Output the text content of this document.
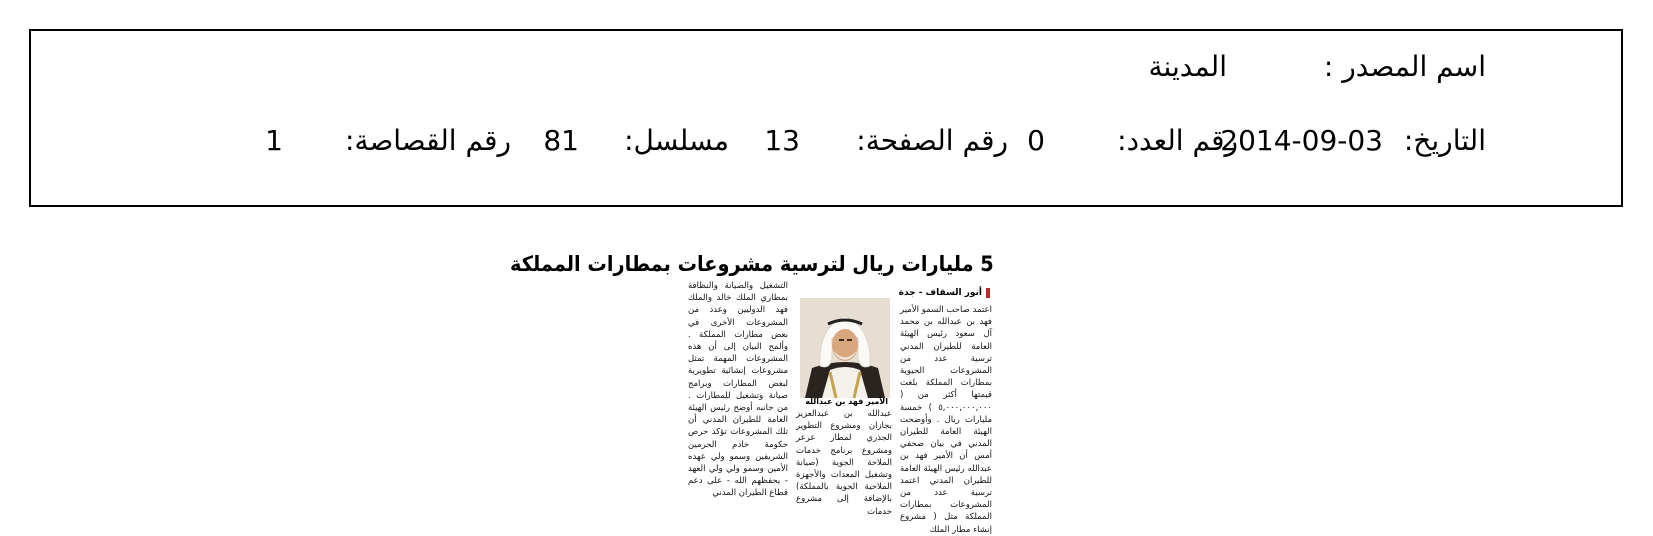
اسم المصدر :
المدينة
التاريخ:
2014-09-03
رقم العدد:
0
رقم الصفحة:
13
مسلسل:
81
رقم القصاصة:
1
5 مليارات ريال لترسية مشروعات بمطارات المملكة
أنور السقاف - جدة
الأمير فهد بن عبدالله
اعتمد صاحب السمو الأمير فهد بن عبدالله بن محمد آل سعود رئيس الهيئة العامة للطيران المدني ترسية عدد من المشروعات الحيوية بمطارات المملكة بلغت قيمتها أكثر من ( ٥,٠٠٠,٠٠٠,٠٠٠ ) خمسة مليارات ريال . وأوضحت الهيئة العامة للطيران المدني في بيان صحفي أمس أن الأمير فهد بن عبدالله رئيس الهيئة العامة للطيران المدني اعتمد ترسية عدد من المشروعات بمطارات المملكة مثل ( مشروع إنشاء مطار الملك
عبدالله بن عبدالعزيز بجازان ومشروع التطوير الجذري لمطار عرعر ومشروع برنامج خدمات الملاحة الجوية (صيانة وتشغيل المعدات والأجهزة الملاحية الجوية بالمملكة) بالإضافة إلى مشروع خدمات
التشغيل والصيانة والنظافة بمطاري الملك خالد والملك فهد الدوليين وعدد من المشروعات الأخرى في بعض مطارات المملكة . وألمح البيان إلى أن هذه المشروعات المهمة تمثل مشروعات إنشائية تطويرية لبعض المطارات وبرامج صيانة وتشغيل للمطارات . من جانبه أوضح رئيس الهيئة العامة للطيران المدني أن تلك المشروعات تؤكد حرص حكومة خادم الحرمين الشريفين وسمو ولي عهده الأمين وسمو ولي ولي العهد - يحفظهم الله - على دعم قطاع الطيران المدني
